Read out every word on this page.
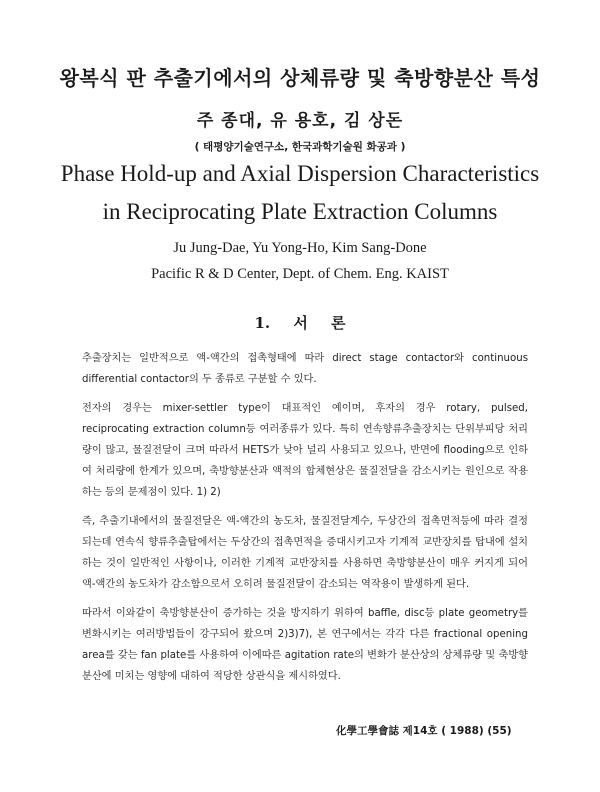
왕복식 판 추출기에서의 상체류량 및 축방향분산 특성
주 종대, 유 용호, 김 상돈
( 태평양기술연구소, 한국과학기술원 화공과 )
Phase Hold-up and Axial Dispersion Characteristics
in Reciprocating Plate Extraction Columns
Ju Jung-Dae, Yu Yong-Ho, Kim Sang-Done
Pacific R & D Center, Dept. of Chem. Eng. KAIST
1. 서 론

추출장치는 일반적으로 액-액간의 접촉형태에 따라 direct stage contactor와 continuous differential contactor의 두 종류로 구분할 수 있다.

전자의 경우는 mixer-settler type이 대표적인 예이며, 후자의 경우 rotary, pulsed, reciprocating extraction column등 여러종류가 있다. 특히 연속향류추출장치는 단위부피당 처리량이 많고, 물질전달이 크며 따라서 HETS가 낮아 널리 사용되고 있으나, 반면에 flooding으로 인하여 처리량에 한계가 있으며, 축방향분산과 액적의 합체현상은 물질전달을 감소시키는 원인으로 작용하는 등의 문제점이 있다. 1) 2)

즉, 추출기내에서의 물질전달은 액-액간의 농도차, 물질전달계수, 두상간의 접촉면적등에 따라 결정되는데 연속식 향류추출탑에서는 두상간의 접촉면적을 증대시키고자 기계적 교반장치를 탑내에 설치하는 것이 일반적인 사항이나, 이러한 기계적 교반장치를 사용하면 축방향분산이 매우 커지게 되어 액-액간의 농도차가 감소함으로서 오히려 물질전달이 감소되는 역작용이 발생하게 된다.

따라서 이와같이 축방향분산이 증가하는 것을 방지하기 위하여 baffle, disc등 plate geometry를 변화시키는 여러방법들이 강구되어 왔으며 2)3)7), 본 연구에서는 각각 다른 fractional opening area를 갖는 fan plate를 사용하여 이에따른 agitation rate의 변화가 분산상의 상체류량 및 축방향분산에 미치는 영향에 대하여 적당한 상관식을 제시하였다.

化學工學會誌 제14호 ( 1988) (55)
